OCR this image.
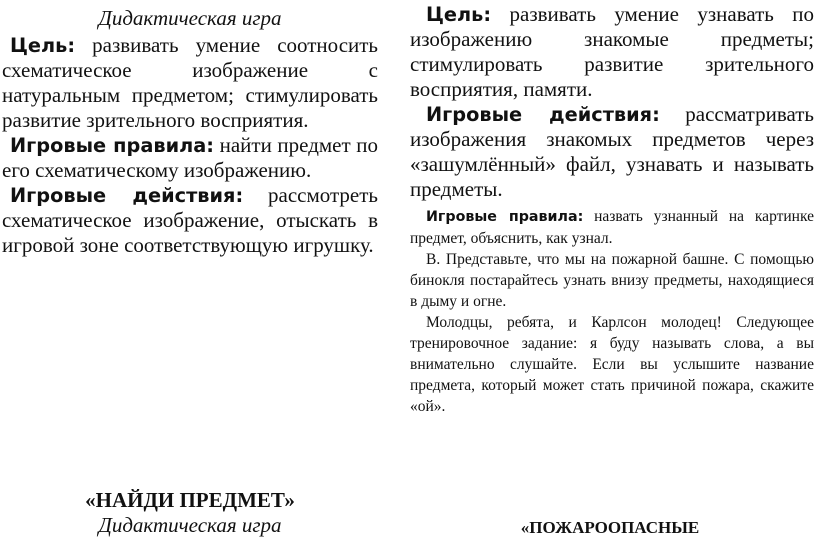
Дидактическая игра

Цель: развивать умение соотносить схематическое изображение с натуральным предметом; стимулировать развитие зрительного восприятия.

Игровые правила: найти предмет по его схематическому изображению.

Игровые действия: рассмотреть схематическое изображение, отыскать в игровой зоне соответствующую игрушку.

«НАЙДИ ПРЕДМЕТ»

Дидактическая игра

Цель: развивать умение узнавать по изображению знакомые предметы; стимулировать развитие зрительного восприятия, памяти.

Игровые действия: рассматривать изображения знакомых предметов через «зашумлённый» файл, узнавать и называть предметы.

Игровые правила: назвать узнанный на картинке предмет, объяснить, как узнал.

В. Представьте, что мы на пожарной башне. С помощью бинокля постарайтесь узнать внизу предметы, находящиеся в дыму и огне.

Молодцы, ребята, и Карлсон молодец! Следующее тренировочное задание: я буду называть слова, а вы внимательно слушайте. Если вы услышите название предмета, который может стать причиной пожара, скажите «ой».

«ПОЖАРООПАСНЫЕ
